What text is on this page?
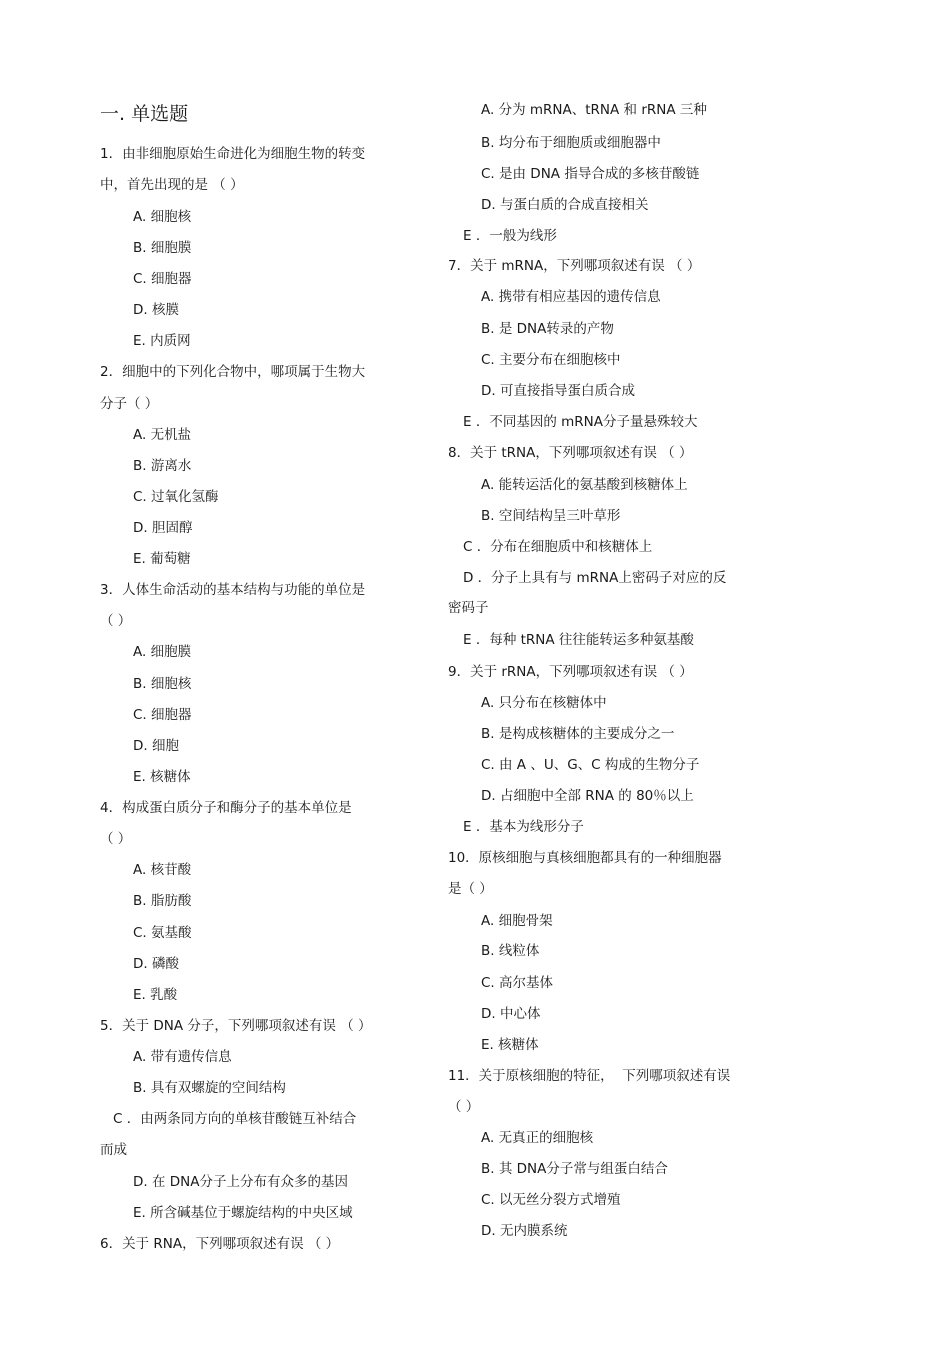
一. 单选题
1．由非细胞原始生命进化为细胞生物的转变
中，首先出现的是 （ ）
A. 细胞核
B. 细胞膜
C. 细胞器
D. 核膜
E. 内质网
2．细胞中的下列化合物中，哪项属于生物大
分子（ ）
A. 无机盐
B. 游离水
C. 过氧化氢酶
D. 胆固醇
E. 葡萄糖
3．人体生命活动的基本结构与功能的单位是
（ ）
A. 细胞膜
B. 细胞核
C. 细胞器
D. 细胞
E. 核糖体
4．构成蛋白质分子和酶分子的基本单位是
（ ）
A. 核苷酸
B. 脂肪酸
C. 氨基酸
D. 磷酸
E. 乳酸
5．关于 DNA 分子，下列哪项叙述有误 （ ）
A. 带有遗传信息
B. 具有双螺旋的空间结构
C ．由两条同方向的单核苷酸链互补结合
而成
D. 在 DNA分子上分布有众多的基因
E. 所含碱基位于螺旋结构的中央区域
6．关于 RNA，下列哪项叙述有误 （ ）
A. 分为 mRNA、tRNA 和 rRNA 三种
B. 均分布于细胞质或细胞器中
C. 是由 DNA 指导合成的多核苷酸链
D. 与蛋白质的合成直接相关
E ．一般为线形
7．关于 mRNA，下列哪项叙述有误 （ ）
A. 携带有相应基因的遗传信息
B. 是 DNA转录的产物
C. 主要分布在细胞核中
D. 可直接指导蛋白质合成
E ．不同基因的 mRNA分子量悬殊较大
8．关于 tRNA，下列哪项叙述有误 （ ）
A. 能转运活化的氨基酸到核糖体上
B. 空间结构呈三叶草形
C ．分布在细胞质中和核糖体上
D ．分子上具有与 mRNA上密码子对应的反
密码子
E ．每种 tRNA 往往能转运多种氨基酸
9．关于 rRNA，下列哪项叙述有误 （ ）
A. 只分布在核糖体中
B. 是构成核糖体的主要成分之一
C. 由 A 、U、G、C 构成的生物分子
D. 占细胞中全部 RNA 的 80％以上
E ．基本为线形分子
10．原核细胞与真核细胞都具有的一种细胞器
是（ ）
A. 细胞骨架
B. 线粒体
C. 高尔基体
D. 中心体
E. 核糖体
11．关于原核细胞的特征，  下列哪项叙述有误
（ ）
A. 无真正的细胞核
B. 其 DNA分子常与组蛋白结合
C. 以无丝分裂方式增殖
D. 无内膜系统
